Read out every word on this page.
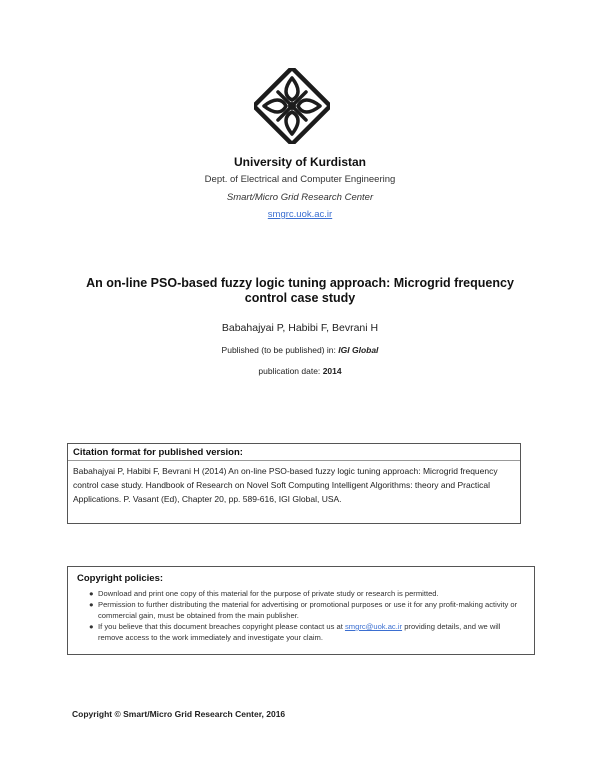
University of Kurdistan
Dept. of Electrical and Computer Engineering
Smart/Micro Grid Research Center
smgrc.uok.ac.ir
An on-line PSO-based fuzzy logic tuning approach: Microgrid frequency control case study
Babahajyai P, Habibi F, Bevrani H
Published (to be published) in: IGI Global
publication date: 2014
Citation format for published version:
Babahajyai P, Habibi F, Bevrani H (2014) An on-line PSO-based fuzzy logic tuning approach: Microgrid frequency control case study. Handbook of Research on Novel Soft Computing Intelligent Algorithms: theory and Practical Applications. P. Vasant (Ed), Chapter 20, pp. 589-616, IGI Global, USA.
Copyright policies:
● Download and print one copy of this material for the purpose of private study or research is permitted.
● Permission to further distributing the material for advertising or promotional purposes or use it for any profit-making activity or commercial gain, must be obtained from the main publisher.
● If you believe that this document breaches copyright please contact us at smgrc@uok.ac.ir providing details, and we will remove access to the work immediately and investigate your claim.
Copyright © Smart/Micro Grid Research Center, 2016
